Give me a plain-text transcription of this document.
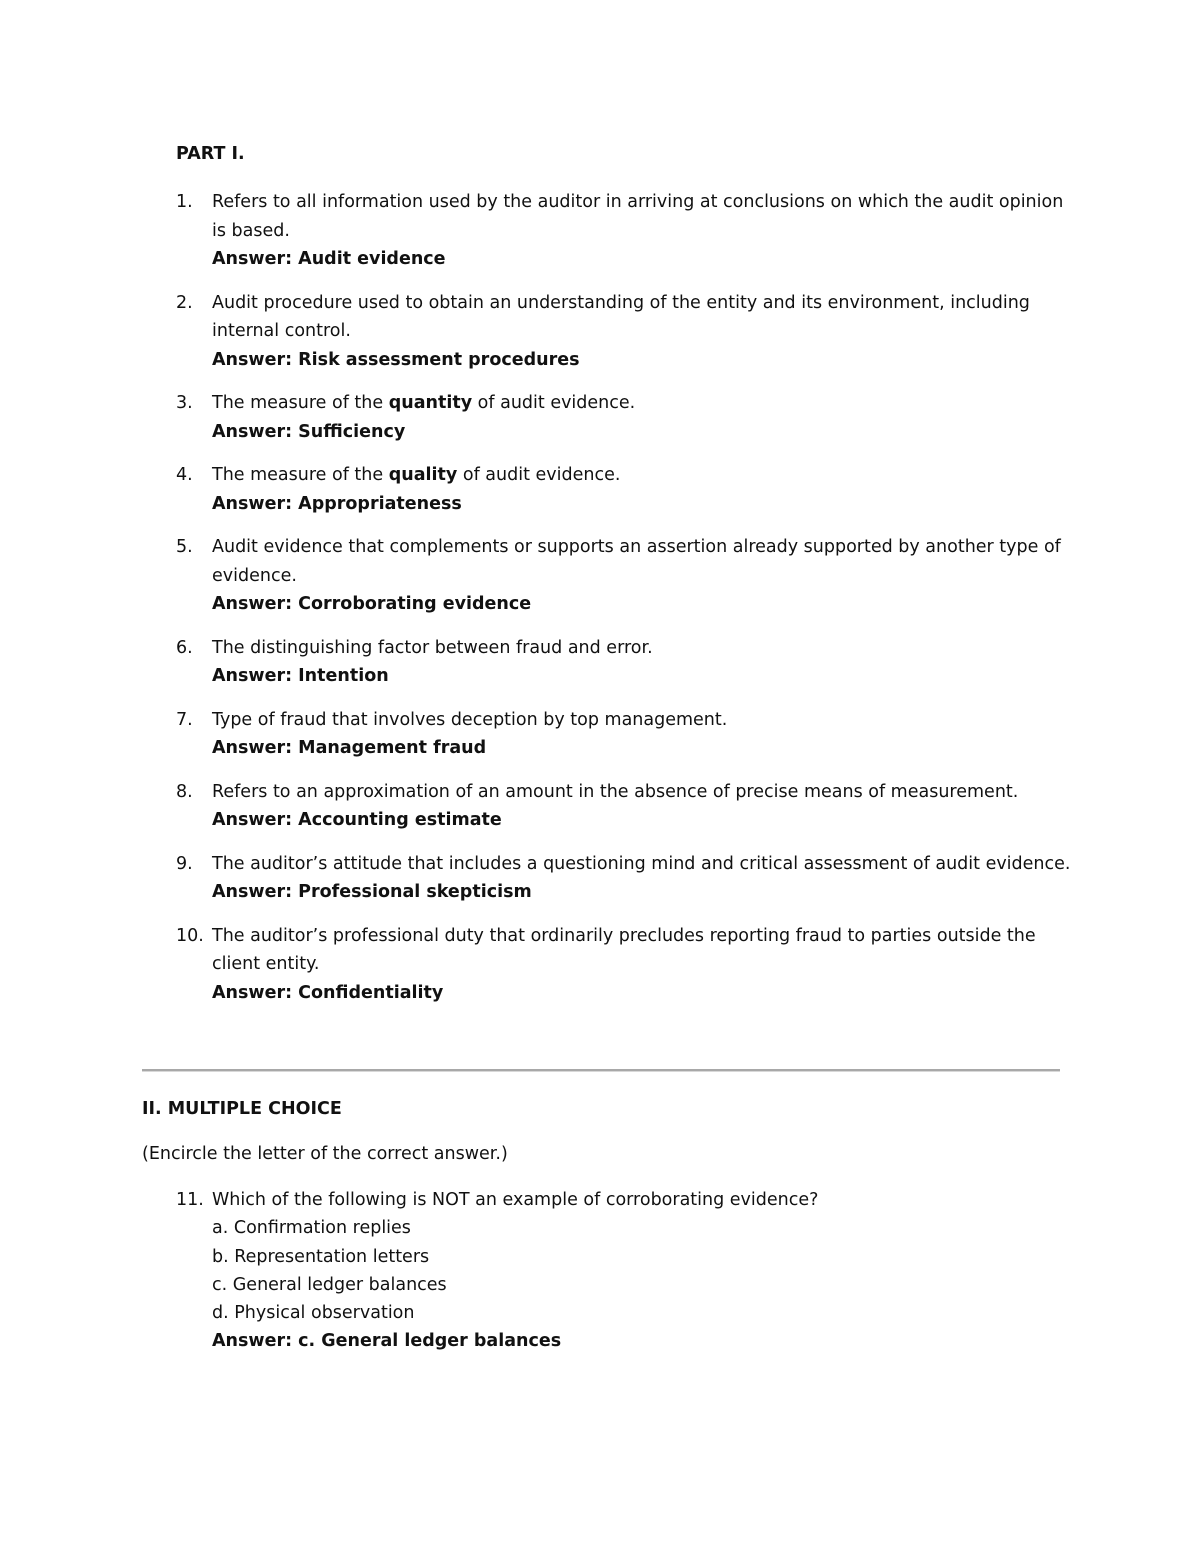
PART I.
1. Refers to all information used by the auditor in arriving at conclusions on which the audit opinion is based.
Answer: Audit evidence
2. Audit procedure used to obtain an understanding of the entity and its environment, including internal control.
Answer: Risk assessment procedures
3. The measure of the quantity of audit evidence.
Answer: Sufficiency
4. The measure of the quality of audit evidence.
Answer: Appropriateness
5. Audit evidence that complements or supports an assertion already supported by another type of evidence.
Answer: Corroborating evidence
6. The distinguishing factor between fraud and error.
Answer: Intention
7. Type of fraud that involves deception by top management.
Answer: Management fraud
8. Refers to an approximation of an amount in the absence of precise means of measurement.
Answer: Accounting estimate
9. The auditor’s attitude that includes a questioning mind and critical assessment of audit evidence.
Answer: Professional skepticism
10. The auditor’s professional duty that ordinarily precludes reporting fraud to parties outside the client entity.
Answer: Confidentiality
II. MULTIPLE CHOICE
(Encircle the letter of the correct answer.)
11. Which of the following is NOT an example of corroborating evidence?
a. Confirmation replies
b. Representation letters
c. General ledger balances
d. Physical observation
Answer: c. General ledger balances
